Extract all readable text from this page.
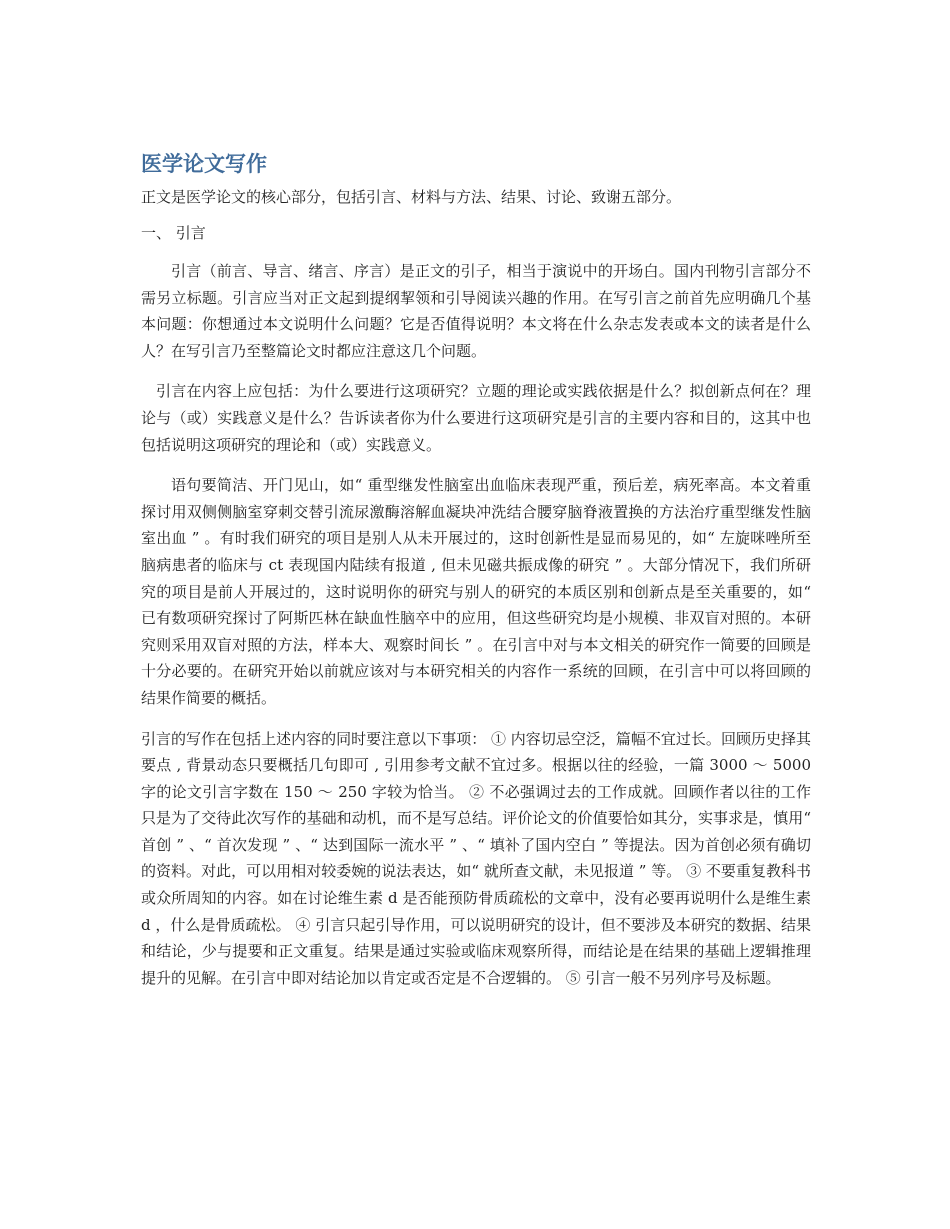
医学论文写作

正文是医学论文的核心部分，包括引言、材料与方法、结果、讨论、致谢五部分。

一、 引言

引言（前言、导言、绪言、序言）是正文的引子，相当于演说中的开场白。国内刊物引言部分不需另立标题。引言应当对正文起到提纲挈领和引导阅读兴趣的作用。在写引言之前首先应明确几个基本问题：你想通过本文说明什么问题？它是否值得说明？本文将在什么杂志发表或本文的读者是什么人？在写引言乃至整篇论文时都应注意这几个问题。

引言在内容上应包括：为什么要进行这项研究？立题的理论或实践依据是什么？拟创新点何在？理论与（或）实践意义是什么？告诉读者你为什么要进行这项研究是引言的主要内容和目的，这其中也包括说明这项研究的理论和（或）实践意义。

语句要简洁、开门见山，如“ 重型继发性脑室出血临床表现严重，预后差，病死率高。本文着重探讨用双侧侧脑室穿刺交替引流尿激酶溶解血凝块冲洗结合腰穿脑脊液置换的方法治疗重型继发性脑室出血 ” 。有时我们研究的项目是别人从未开展过的，这时创新性是显而易见的，如“ 左旋咪唑所至脑病患者的临床与 ct 表现国内陆续有报道 , 但未见磁共振成像的研究 ” 。大部分情况下，我们所研究的项目是前人开展过的，这时说明你的研究与别人的研究的本质区别和创新点是至关重要的，如“ 已有数项研究探讨了阿斯匹林在缺血性脑卒中的应用，但这些研究均是小规模、非双盲对照的。本研究则采用双盲对照的方法，样本大、观察时间长 ” 。在引言中对与本文相关的研究作一简要的回顾是十分必要的。在研究开始以前就应该对与本研究相关的内容作一系统的回顾，在引言中可以将回顾的结果作简要的概括。

引言的写作在包括上述内容的同时要注意以下事项： ① 内容切忌空泛，篇幅不宜过长。回顾历史择其要点 , 背景动态只要概括几句即可 , 引用参考文献不宜过多。根据以往的经验，一篇 3000 ～ 5000 字的论文引言字数在 150 ～ 250 字较为恰当。 ② 不必强调过去的工作成就。回顾作者以往的工作只是为了交待此次写作的基础和动机，而不是写总结。评价论文的价值要恰如其分，实事求是，慎用“ 首创 ” 、“ 首次发现 ” 、“ 达到国际一流水平 ” 、“ 填补了国内空白 ” 等提法。因为首创必须有确切的资料。对此，可以用相对较委婉的说法表达，如“ 就所查文献，未见报道 ” 等。 ③ 不要重复教科书或众所周知的内容。如在讨论维生素 d 是否能预防骨质疏松的文章中，没有必要再说明什么是维生素 d ，什么是骨质疏松。 ④ 引言只起引导作用，可以说明研究的设计，但不要涉及本研究的数据、结果和结论，少与提要和正文重复。结果是通过实验或临床观察所得，而结论是在结果的基础上逻辑推理提升的见解。在引言中即对结论加以肯定或否定是不合逻辑的。 ⑤ 引言一般不另列序号及标题。
